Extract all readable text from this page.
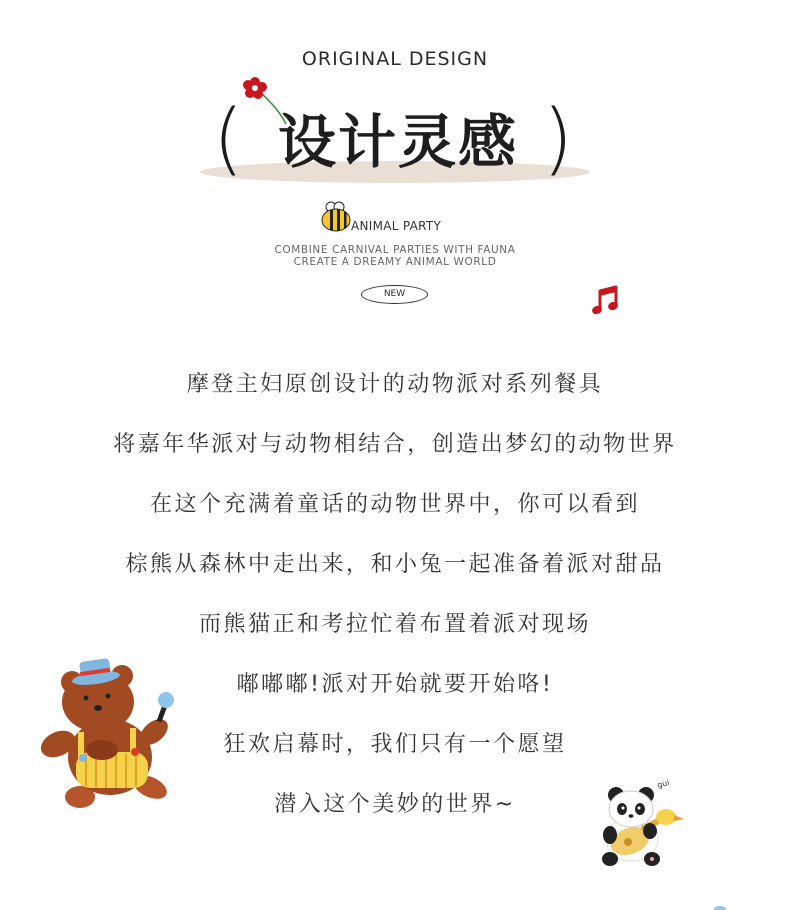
ORIGINAL DESIGN
( 设计灵感 )
ANIMAL PARTY
COMBINE CARNIVAL PARTIES WITH FAUNA
CREATE A DREAMY ANIMAL WORLD
NEW
摩登主妇原创设计的动物派对系列餐具
将嘉年华派对与动物相结合，创造出梦幻的动物世界
在这个充满着童话的动物世界中，你可以看到
棕熊从森林中走出来，和小兔一起准备着派对甜品
而熊猫正和考拉忙着布置着派对现场
嘟嘟嘟!派对开始就要开始咯!
狂欢启幕时，我们只有一个愿望
潜入这个美妙的世界~
gui
